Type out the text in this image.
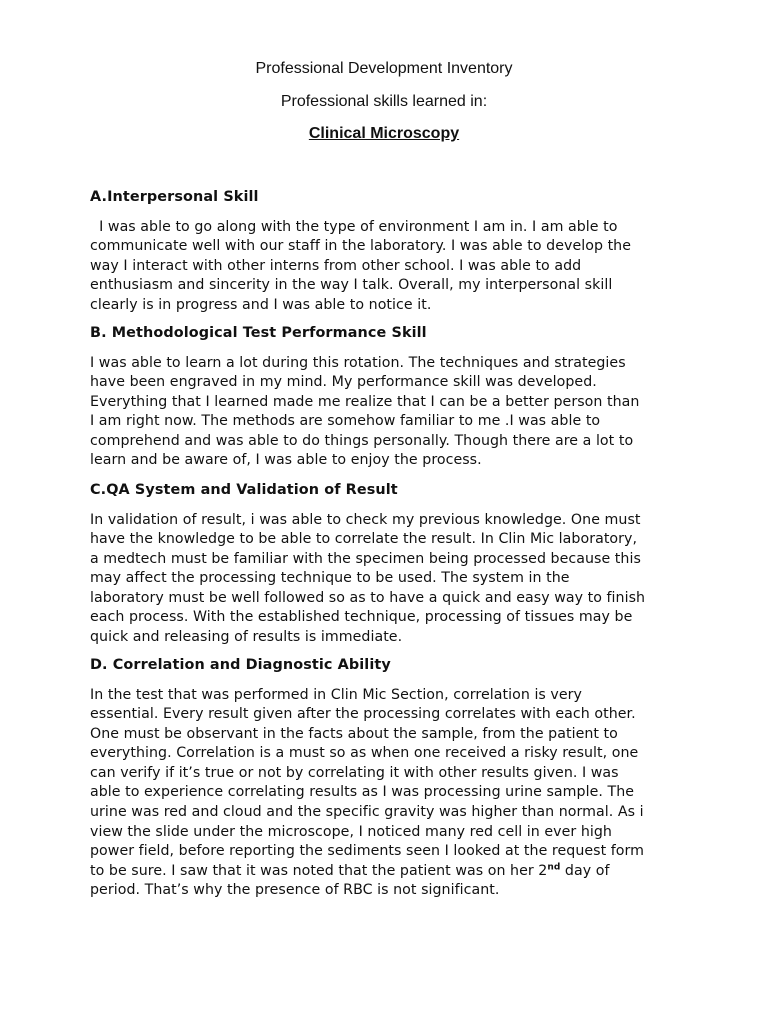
Professional Development Inventory
Professional skills learned in:
Clinical Microscopy
A.Interpersonal Skill
I was able to go along with the type of environment I am in. I am able to
communicate well with our staff in the laboratory. I was able to develop the
way I interact with other interns from other school. I was able to add
enthusiasm and sincerity in the way I talk. Overall, my interpersonal skill
clearly is in progress and I was able to notice it.
B. Methodological Test Performance Skill
I was able to learn a lot during this rotation. The techniques and strategies
have been engraved in my mind. My performance skill was developed.
Everything that I learned made me realize that I can be a better person than
I am right now. The methods are somehow familiar to me .I was able to
comprehend and was able to do things personally. Though there are a lot to
learn and be aware of, I was able to enjoy the process.
C.QA System and Validation of Result
In validation of result, i was able to check my previous knowledge. One must
have the knowledge to be able to correlate the result. In Clin Mic laboratory,
a medtech must be familiar with the specimen being processed because this
may affect the processing technique to be used. The system in the
laboratory must be well followed so as to have a quick and easy way to finish
each process. With the established technique, processing of tissues may be
quick and releasing of results is immediate.
D. Correlation and Diagnostic Ability
In the test that was performed in Clin Mic Section, correlation is very
essential. Every result given after the processing correlates with each other.
One must be observant in the facts about the sample, from the patient to
everything. Correlation is a must so as when one received a risky result, one
can verify if it’s true or not by correlating it with other results given. I was
able to experience correlating results as I was processing urine sample. The
urine was red and cloud and the specific gravity was higher than normal. As i
view the slide under the microscope, I noticed many red cell in ever high
power field, before reporting the sediments seen I looked at the request form
to be sure. I saw that it was noted that the patient was on her 2nd day of
period. That’s why the presence of RBC is not significant.
